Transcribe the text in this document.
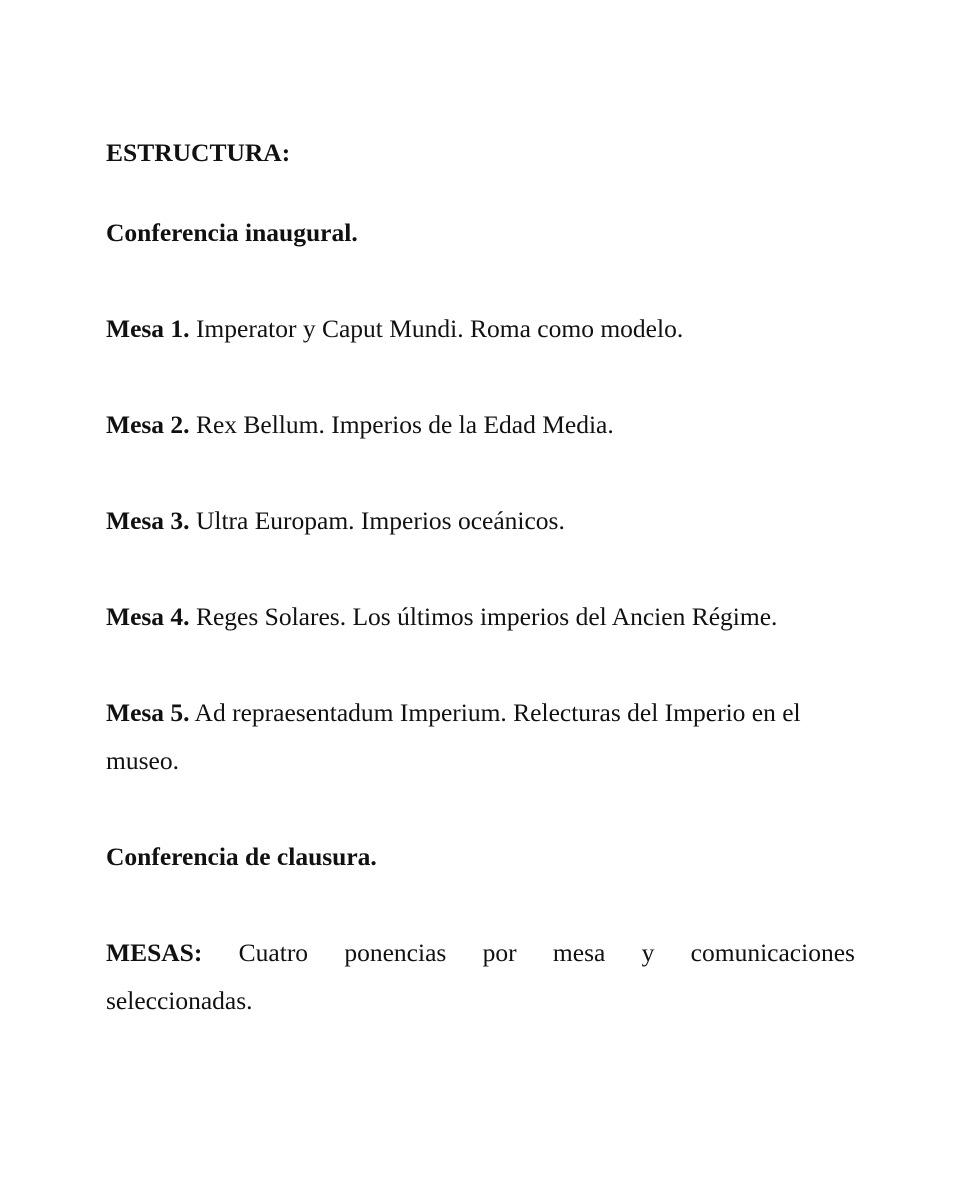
ESTRUCTURA:

Conferencia inaugural.

Mesa 1. Imperator y Caput Mundi. Roma como modelo.

Mesa 2. Rex Bellum. Imperios de la Edad Media.

Mesa 3. Ultra Europam. Imperios oceánicos.

Mesa 4. Reges Solares. Los últimos imperios del Ancien Régime.

Mesa 5. Ad repraesentadum Imperium. Relecturas del Imperio en el
museo.

Conferencia de clausura.

MESAS: Cuatro ponencias por mesa y comunicaciones
seleccionadas.
